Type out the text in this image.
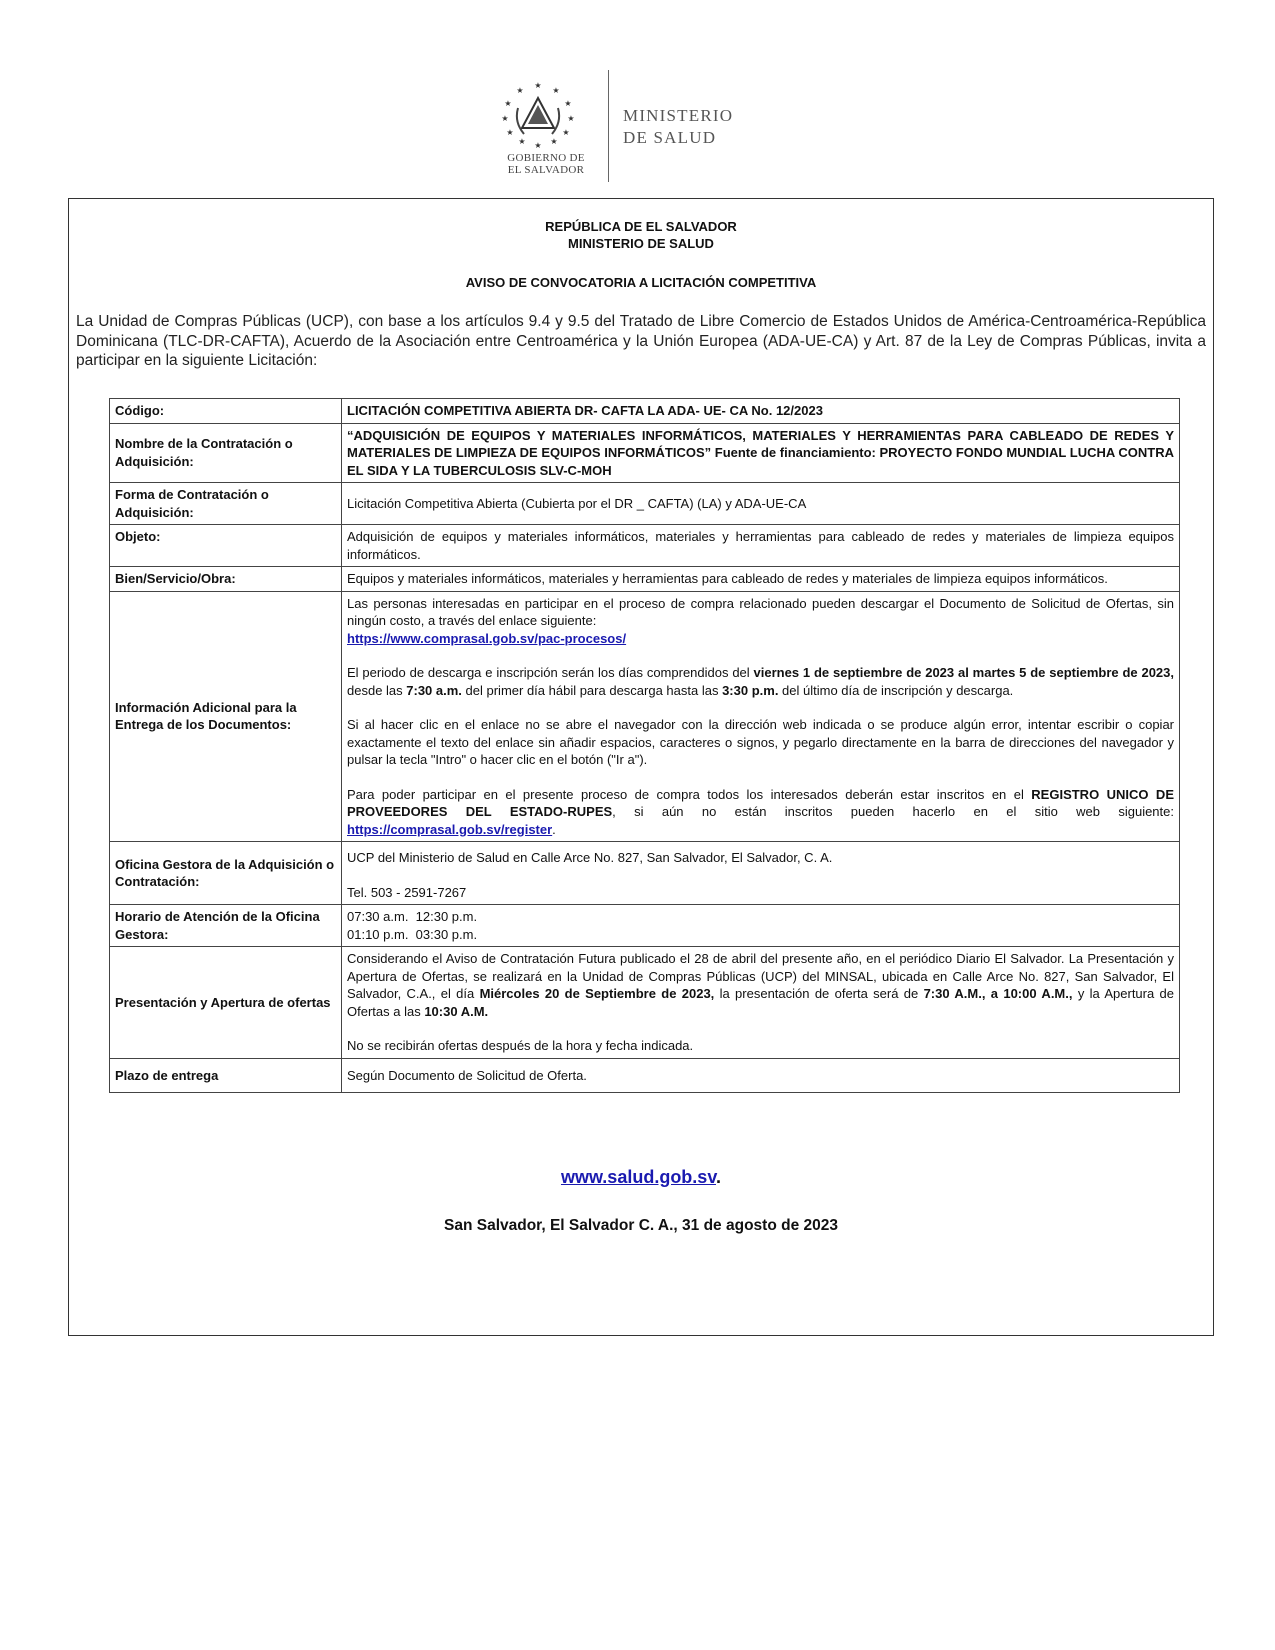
★
★	★
★	★
★	★
★	★
★	★
★
GOBIERNO DE
EL SALVADOR
MINISTERIO
DE SALUD
REPÚBLICA DE EL SALVADOR
MINISTERIO DE SALUD
AVISO DE CONVOCATORIA A LICITACIÓN COMPETITIVA
La Unidad de Compras Públicas (UCP), con base a los artículos 9.4 y 9.5 del Tratado de Libre Comercio de Estados Unidos de América-Centroamérica-República Dominicana (TLC-DR-CAFTA), Acuerdo de la Asociación entre Centroamérica y la Unión Europea (ADA-UE-CA) y Art. 87 de la Ley de Compras Públicas, invita a participar en la siguiente Licitación:
Código:	LICITACIÓN COMPETITIVA ABIERTA DR- CAFTA LA ADA- UE- CA No. 12/2023
Nombre de la Contratación o Adquisición:	“ADQUISICIÓN DE EQUIPOS Y MATERIALES INFORMÁTICOS, MATERIALES Y HERRAMIENTAS PARA CABLEADO DE REDES Y MATERIALES DE LIMPIEZA DE EQUIPOS INFORMÁTICOS” Fuente de financiamiento: PROYECTO FONDO MUNDIAL LUCHA CONTRA EL SIDA Y LA TUBERCULOSIS SLV-C-MOH
Forma de Contratación o Adquisición:	Licitación Competitiva Abierta (Cubierta por el DR _ CAFTA) (LA) y ADA-UE-CA
Objeto:	Adquisición de equipos y materiales informáticos, materiales y herramientas para cableado de redes y materiales de limpieza equipos informáticos.
Bien/Servicio/Obra:	Equipos y materiales informáticos, materiales y herramientas para cableado de redes y materiales de limpieza equipos informáticos.
Información Adicional para la Entrega de los Documentos:	Las personas interesadas en participar en el proceso de compra relacionado pueden descargar el Documento de Solicitud de Ofertas, sin ningún costo, a través del enlace siguiente:
https://www.comprasal.gob.sv/pac-procesos/
El periodo de descarga e inscripción serán los días comprendidos del viernes 1 de septiembre de 2023 al martes 5 de septiembre de 2023, desde las 7:30 a.m. del primer día hábil para descarga hasta las 3:30 p.m. del último día de inscripción y descarga.
Si al hacer clic en el enlace no se abre el navegador con la dirección web indicada o se produce algún error, intentar escribir o copiar exactamente el texto del enlace sin añadir espacios, caracteres o signos, y pegarlo directamente en la barra de direcciones del navegador y pulsar la tecla "Intro" o hacer clic en el botón ("Ir a").
Para poder participar en el presente proceso de compra todos los interesados deberán estar inscritos en el REGISTRO UNICO DE PROVEEDORES DEL ESTADO-RUPES, si aún no están inscritos pueden hacerlo en el sitio web siguiente: https://comprasal.gob.sv/register.

Oficina Gestora de la Adquisición o Contratación:	UCP del Ministerio de Salud en Calle Arce No. 827, San Salvador, El Salvador, C. A.
Tel. 503 - 2591-7267

Horario de Atención de la Oficina Gestora:	07:30 a.m.  12:30 p.m.
01:10 p.m.  03:30 p.m.

Presentación y Apertura de ofertas	Considerando el Aviso de Contratación Futura publicado el 28 de abril del presente año, en el periódico Diario El Salvador. La Presentación y Apertura de Ofertas, se realizará en la Unidad de Compras Públicas (UCP) del MINSAL, ubicada en Calle Arce No. 827, San Salvador, El Salvador, C.A., el día Miércoles 20 de Septiembre de 2023, la presentación de oferta será de 7:30 A.M., a 10:00 A.M., y la Apertura de Ofertas a las 10:30 A.M.
No se recibirán ofertas después de la hora y fecha indicada.

Plazo de entrega	Según Documento de Solicitud de Oferta.
www.salud.gob.sv.
San Salvador, El Salvador C. A., 31 de agosto de 2023
